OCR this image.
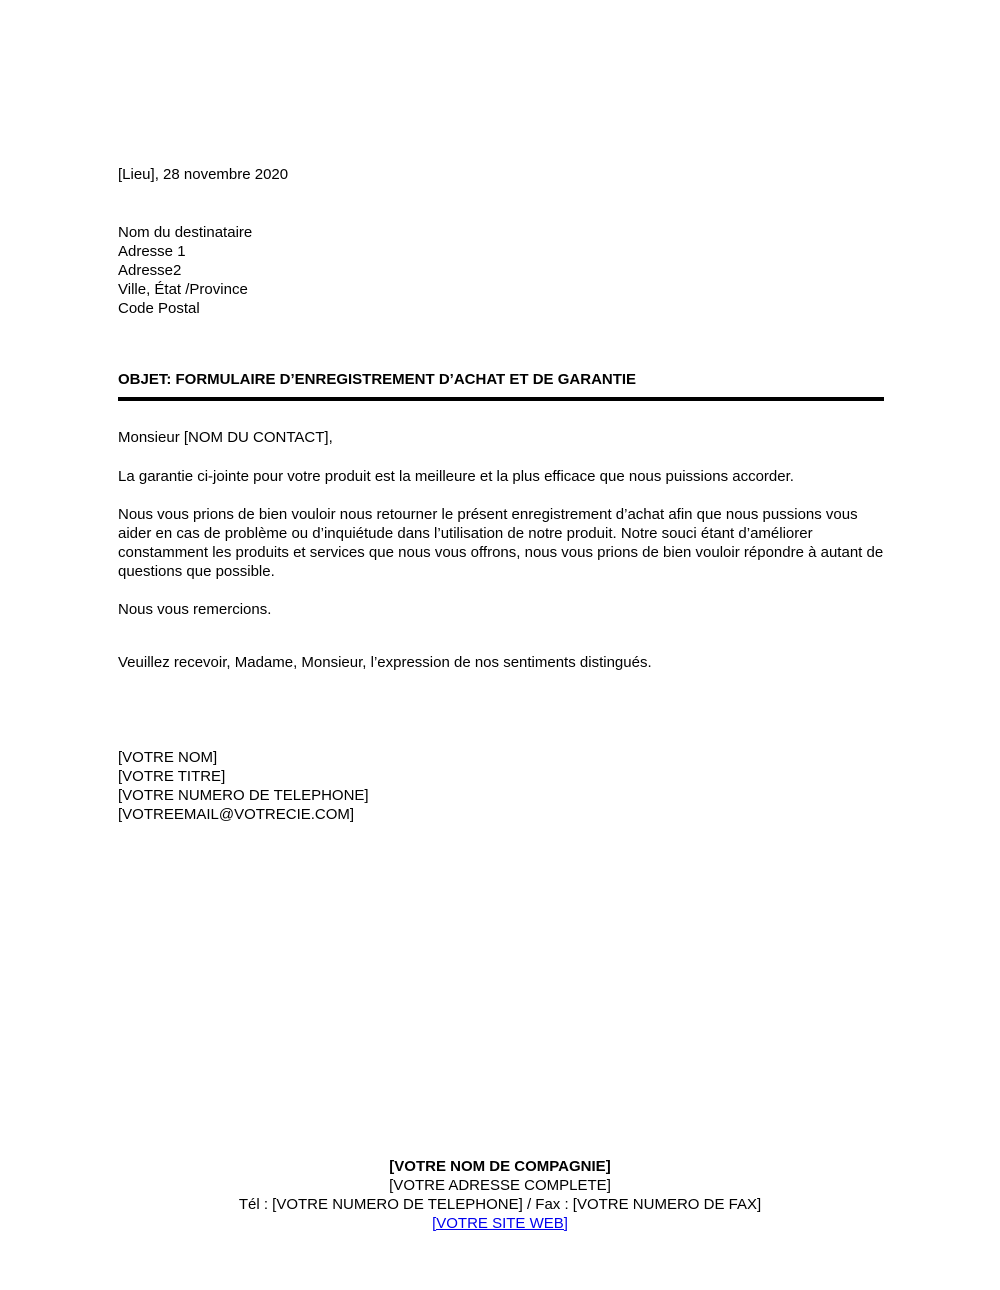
[Lieu], 28 novembre 2020
Nom du destinataire
Adresse 1
Adresse2
Ville, État /Province
Code Postal
OBJET: FORMULAIRE D’ENREGISTREMENT D’ACHAT ET DE GARANTIE
Monsieur [NOM DU CONTACT],
La garantie ci-jointe pour votre produit est la meilleure et la plus efficace que nous puissions accorder.
Nous vous prions de bien vouloir nous retourner le présent enregistrement d’achat afin que nous pussions vous aider en cas de problème ou d’inquiétude dans l’utilisation de notre produit. Notre souci étant d’améliorer constamment les produits et services que nous vous offrons, nous vous prions de bien vouloir répondre à autant de questions que possible.
Nous vous remercions.
Veuillez recevoir, Madame, Monsieur, l’expression de nos sentiments distingués.
[VOTRE NOM]
[VOTRE TITRE]
[VOTRE NUMERO DE TELEPHONE]
[VOTREEMAIL@VOTRECIE.COM]
[VOTRE NOM DE COMPAGNIE]
[VOTRE ADRESSE COMPLETE]
Tél : [VOTRE NUMERO DE TELEPHONE] / Fax : [VOTRE NUMERO DE FAX]
[VOTRE SITE WEB]
